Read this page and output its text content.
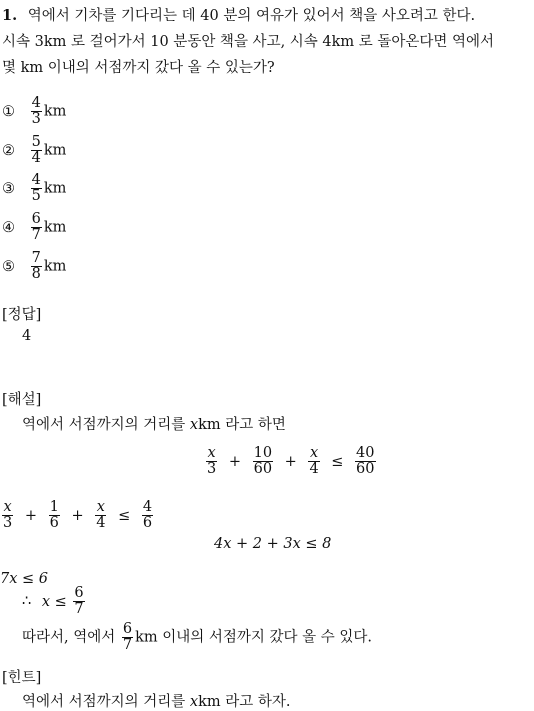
1. 역에서 기차를 기다리는 데 40 분의 여유가 있어서 책을 사오려고 한다.
시속 3km 로 걸어가서 10 분동안 책을 사고, 시속 4km 로 돌아온다면 역에서
몇 km 이내의 서점까지 갔다 올 수 있는가?
① $\frac{4}{3}$ km
② $\frac{5}{4}$ km
③ $\frac{4}{5}$ km
④ $\frac{6}{7}$ km
⑤ $\frac{7}{8}$ km
[정답]
4
[해설]
역에서 서점까지의 거리를 xkm 라고 하면
$\frac{x}{3} + \frac{10}{60} + \frac{x}{4} \le \frac{40}{60}$
$\frac{x}{3} + \frac{1}{6} + \frac{x}{4} \le \frac{4}{6}$
4x + 2 + 3x ≤ 8
7x ≤ 6
∴ $x \le \frac{6}{7}$
따라서, 역에서 $\frac{6}{7}$ km 이내의 서점까지 갔다 올 수 있다.
[힌트]
역에서 서점까지의 거리를 xkm 라고 하자.
